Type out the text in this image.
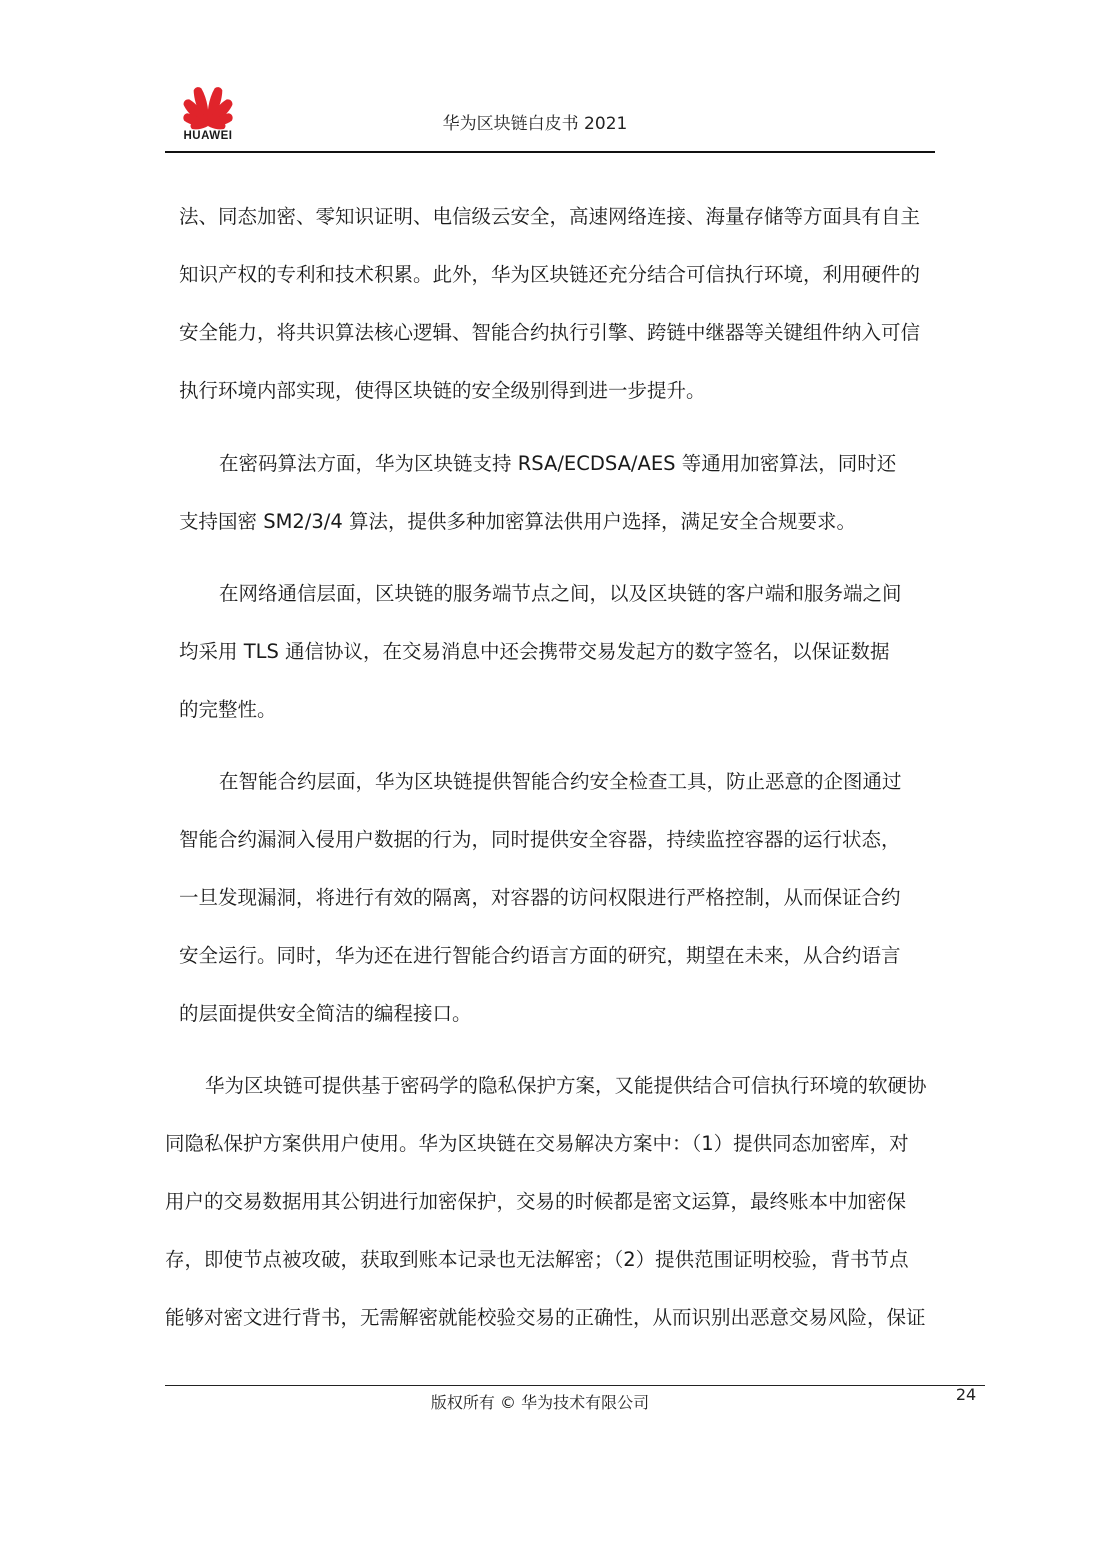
HUAWEI
华为区块链白皮书 2021
法、同态加密、零知识证明、电信级云安全，高速网络连接、海量存储等方面具有自主
知识产权的专利和技术积累。此外，华为区块链还充分结合可信执行环境，利用硬件的
安全能力，将共识算法核心逻辑、智能合约执行引擎、跨链中继器等关键组件纳入可信
执行环境内部实现，使得区块链的安全级别得到进一步提升。
在密码算法方面，华为区块链支持 RSA/ECDSA/AES 等通用加密算法，同时还
支持国密 SM2/3/4 算法，提供多种加密算法供用户选择，满足安全合规要求。
在网络通信层面，区块链的服务端节点之间，以及区块链的客户端和服务端之间
均采用 TLS 通信协议，在交易消息中还会携带交易发起方的数字签名，以保证数据
的完整性。
在智能合约层面，华为区块链提供智能合约安全检查工具，防止恶意的企图通过
智能合约漏洞入侵用户数据的行为，同时提供安全容器，持续监控容器的运行状态，
一旦发现漏洞，将进行有效的隔离，对容器的访问权限进行严格控制，从而保证合约
安全运行。同时，华为还在进行智能合约语言方面的研究，期望在未来，从合约语言
的层面提供安全简洁的编程接口。
华为区块链可提供基于密码学的隐私保护方案，又能提供结合可信执行环境的软硬协
同隐私保护方案供用户使用。华为区块链在交易解决方案中：（1）提供同态加密库，对
用户的交易数据用其公钥进行加密保护，交易的时候都是密文运算，最终账本中加密保
存，即使节点被攻破，获取到账本记录也无法解密；（2）提供范围证明校验，背书节点
能够对密文进行背书，无需解密就能校验交易的正确性，从而识别出恶意交易风险，保证
版权所有 © 华为技术有限公司	24
